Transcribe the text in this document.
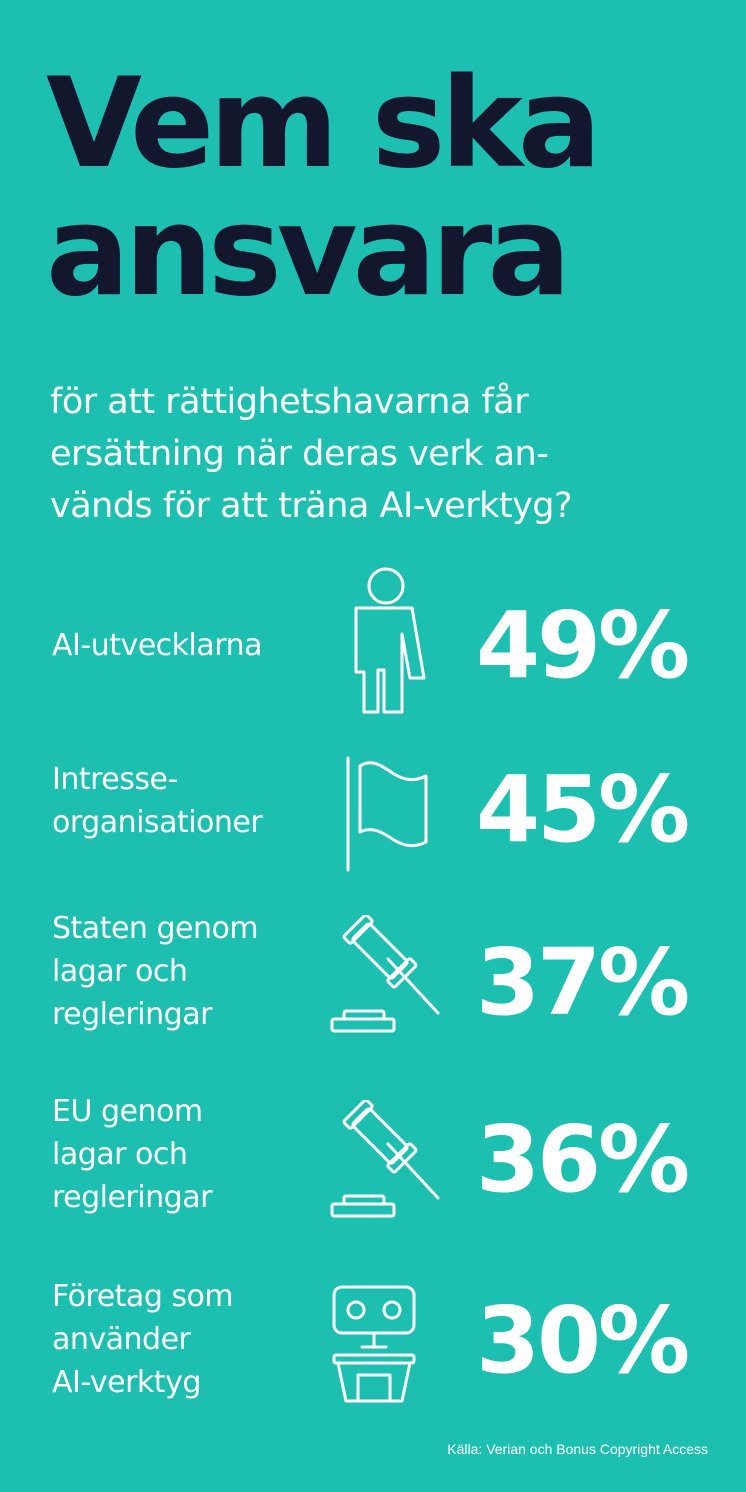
Vem ska
ansvara

för att rättighetshavarna får
ersättning när deras verk an-
vänds för att träna AI-verktyg?

AI-utvecklarna	49%
Intresse-
organisationer	45%
Staten genom
lagar och
regleringar	37%
EU genom
lagar och
regleringar	36%
Företag som
använder
AI-verktyg	30%
Källa: Verian och Bonus Copyright Access
